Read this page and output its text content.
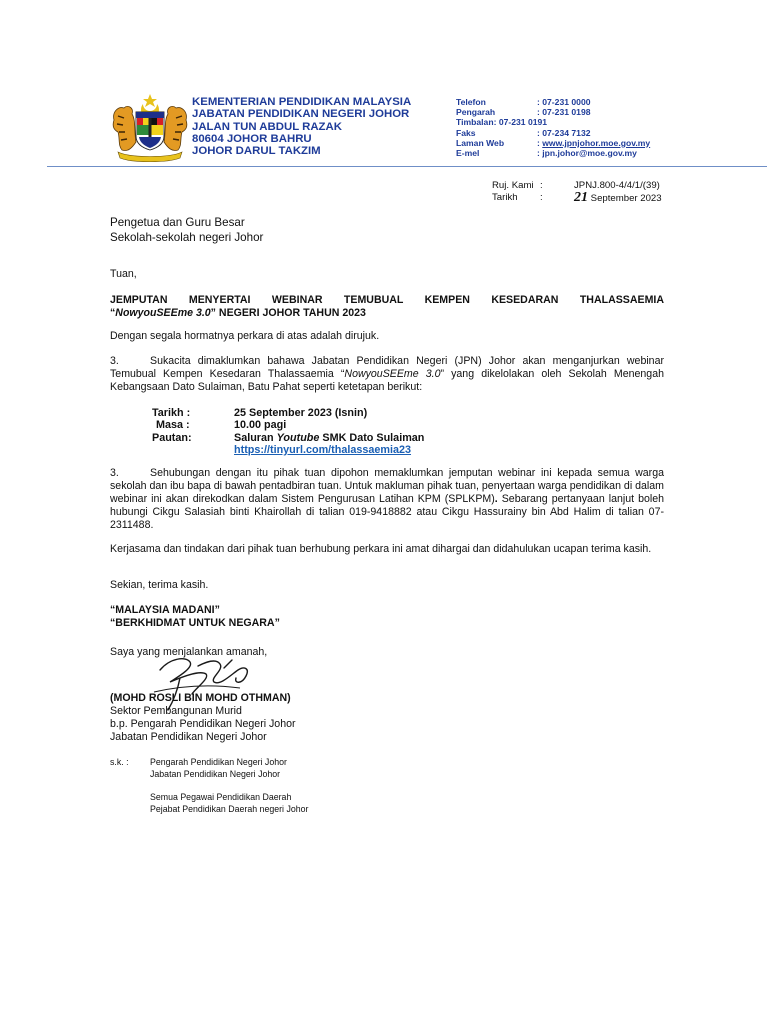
KEMENTERIAN PENDIDIKAN MALAYSIA
JABATAN PENDIDIKAN NEGERI JOHOR
JALAN TUN ABDUL RAZAK
80604 JOHOR BAHRU
JOHOR DARUL TAKZIM
Telefon	: 07-231 0000
Pengarah	: 07-231 0198
Timbalan: 07-231 0191
Faks	: 07-234 7132
Laman Web	: www.jpnjohor.moe.gov.my
E-mel	: jpn.johor@moe.gov.my
Ruj. Kami :	JPNJ.800-4/4/1/(39)
Tarikh : 21 September 2023
Pengetua dan Guru Besar
Sekolah-sekolah negeri Johor
Tuan,
JEMPUTAN MENYERTAI WEBINAR TEMUBUAL KEMPEN KESEDARAN THALASSAEMIA
“NowyouSEEme 3.0” NEGERI JOHOR TAHUN 2023
Dengan segala hormatnya perkara di atas adalah dirujuk.
3.	Sukacita dimaklumkan bahawa Jabatan Pendidikan Negeri (JPN) Johor akan menganjurkan webinar Temubual Kempen Kesedaran Thalassaemia “NowyouSEEme 3.0” yang dikelolakan oleh Sekolah Menengah Kebangsaan Dato Sulaiman, Batu Pahat seperti ketetapan berikut:
Tarikh :	25 September 2023 (Isnin)
Masa :	10.00 pagi
Pautan:	Saluran Youtube SMK Dato Sulaiman
https://tinyurl.com/thalassaemia23
3.	Sehubungan dengan itu pihak tuan dipohon memaklumkan jemputan webinar ini kepada semua warga sekolah dan ibu bapa di bawah pentadbiran tuan. Untuk makluman pihak tuan, penyertaan warga pendidikan di dalam webinar ini akan direkodkan dalam Sistem Pengurusan Latihan KPM (SPLKPM). Sebarang pertanyaan lanjut boleh hubungi Cikgu Salasiah binti Khairollah di talian 019-9418882 atau Cikgu Hassurainy bin Abd Halim di talian 07-2311488.
Kerjasama dan tindakan dari pihak tuan berhubung perkara ini amat dihargai dan didahulukan ucapan terima kasih.
Sekian, terima kasih.
“MALAYSIA MADANI”
“BERKHIDMAT UNTUK NEGARA”
Saya yang menjalankan amanah,
(MOHD ROSLI BIN MOHD OTHMAN)
Sektor Pembangunan Murid
b.p. Pengarah Pendidikan Negeri Johor
Jabatan Pendidikan Negeri Johor
s.k. : Pengarah Pendidikan Negeri Johor
Jabatan Pendidikan Negeri Johor
Semua Pegawai Pendidikan Daerah
Pejabat Pendidikan Daerah negeri Johor
